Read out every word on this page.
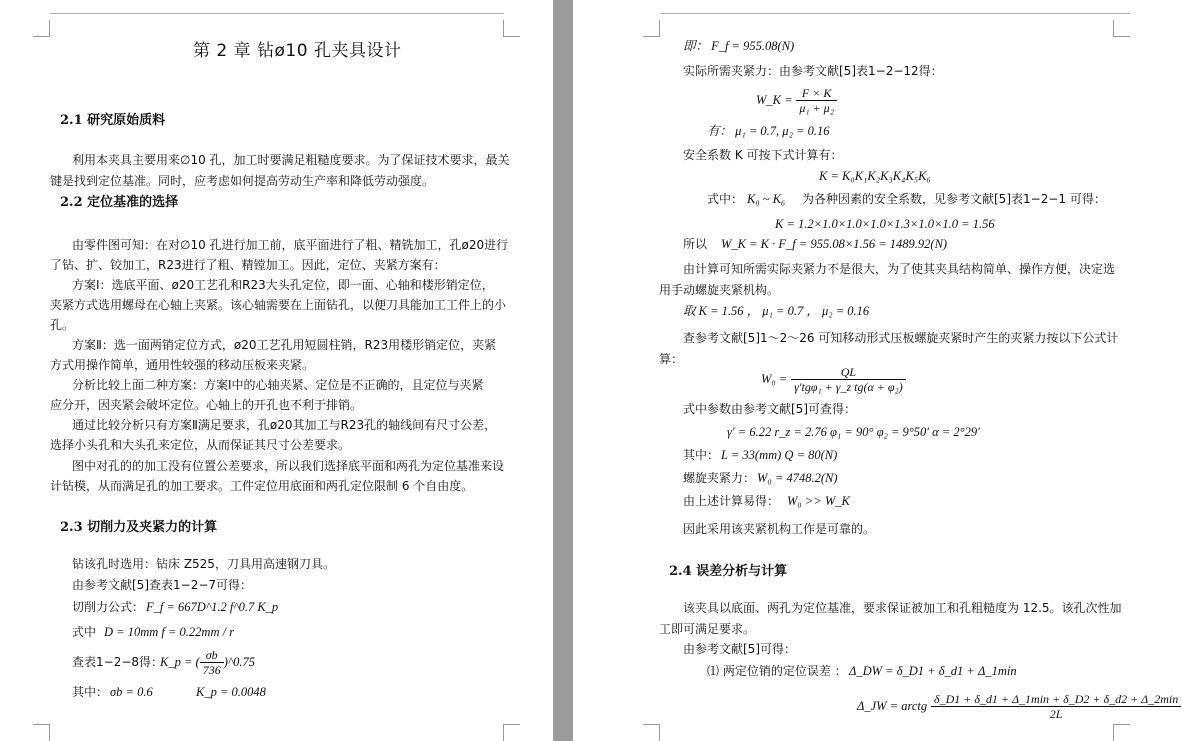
第 2 章 钻ø10 孔夹具设计
2.1 研究原始质料
利用本夹具主要用来∅10 孔，加工时要满足粗糙度要求。为了保证技术要求，最关
键是找到定位基准。同时，应考虑如何提高劳动生产率和降低劳动强度。
2.2 定位基准的选择
由零件图可知：在对∅10 孔进行加工前，底平面进行了粗、精铣加工，孔ø20进行
了钻、扩、铰加工，R23进行了粗、精镗加工。因此，定位、夹紧方案有：
方案Ⅰ：选底平面、ø20工艺孔和R23大头孔定位，即一面、心轴和楼形销定位，
夹紧方式选用螺母在心轴上夹紧。该心轴需要在上面钻孔，以便刀具能加工工件上的小
孔。
方案Ⅱ：选一面两销定位方式，ø20工艺孔用短圆柱销，R23用楼形销定位，夹紧
方式用操作简单，通用性较强的移动压板来夹紧。
分析比较上面二种方案：方案Ⅰ中的心轴夹紧、定位是不正确的，且定位与夹紧
应分开，因夹紧会破坏定位。心轴上的开孔也不利于排销。
通过比较分析只有方案Ⅱ满足要求，孔ø20其加工与R23孔的轴线间有尺寸公差，
选择小头孔和大头孔来定位，从而保证其尺寸公差要求。
图中对孔的的加工没有位置公差要求，所以我们选择底平面和两孔为定位基准来设
计钻模，从而满足孔的加工要求。工件定位用底面和两孔定位限制 6 个自由度。
2.3 切削力及夹紧力的计算
钻该孔时选用：钻床 Z525，刀具用高速钢刀具。
由参考文献[5]查表1−2−7可得：
切削力公式： F_f = 667D^1.2 f^0.7 K_p
式中 D = 10mm f = 0.22mm / r
查表1−2−8得：
K_p = ( $\frac{\sigma b}{736}$ )^0.75
其中： σb = 0.6	K_p = 0.0048
即： F_f = 955.08(N)
实际所需夹紧力：由参考文献[5]表1−2−12得：
W_K = $\frac{F \times K}{\text{μ₁ + μ₂}}$
有： μ₁ = 0.7, μ₂ = 0.16
安全系数 K 可按下式计算有：
K = K₀K₁K₂K₃K₄K₅K₆
式中： K₀ ~ K₆ 为各种因素的安全系数，见参考文献[5]表1−2−1 可得：
K = 1.2×1.0×1.0×1.0×1.3×1.0×1.0 = 1.56
所以 W_K = K · F_f = 955.08×1.56 = 1489.92(N)
由计算可知所需实际夹紧力不是很大，为了使其夹具结构简单、操作方便，决定选
用手动螺旋夹紧机构。
取 K = 1.56 ， μ₁ = 0.7 ， μ₂ = 0.16
查参考文献[5]1～2～26 可知移动形式压板螺旋夹紧时产生的夹紧力按以下公式计
算：
$W_0 = \frac{QL}{\text{γ′tgφ₁ + γ\_z tg(α + φ₂)}}$
式中参数由参考文献[5]可查得：
γ′ = 6.22 r_z = 2.76 φ₁ = 90° φ₂ = 9°50′ α = 2°29′
其中： L = 33(mm) Q = 80(N)
螺旋夹紧力： W₀ = 4748.2(N)
由上述计算易得： W₀ >> W_K
因此采用该夹紧机构工作是可靠的。
2.4 误差分析与计算
该夹具以底面、两孔为定位基准，要求保证被加工和孔粗糙度为 12.5。该孔次性加
工即可满足要求。
由参考文献[5]可得：
⑴ 两定位销的定位误差 ： Δ_DW = δ_D1 + δ_d1 + Δ_1min
Δ_JW = arctg $\frac{\delta\_D1 + \delta\_d1 + \Delta\_1\min + \delta\_D2 + \delta\_d2 + \Delta\_2\min}{2L}$
